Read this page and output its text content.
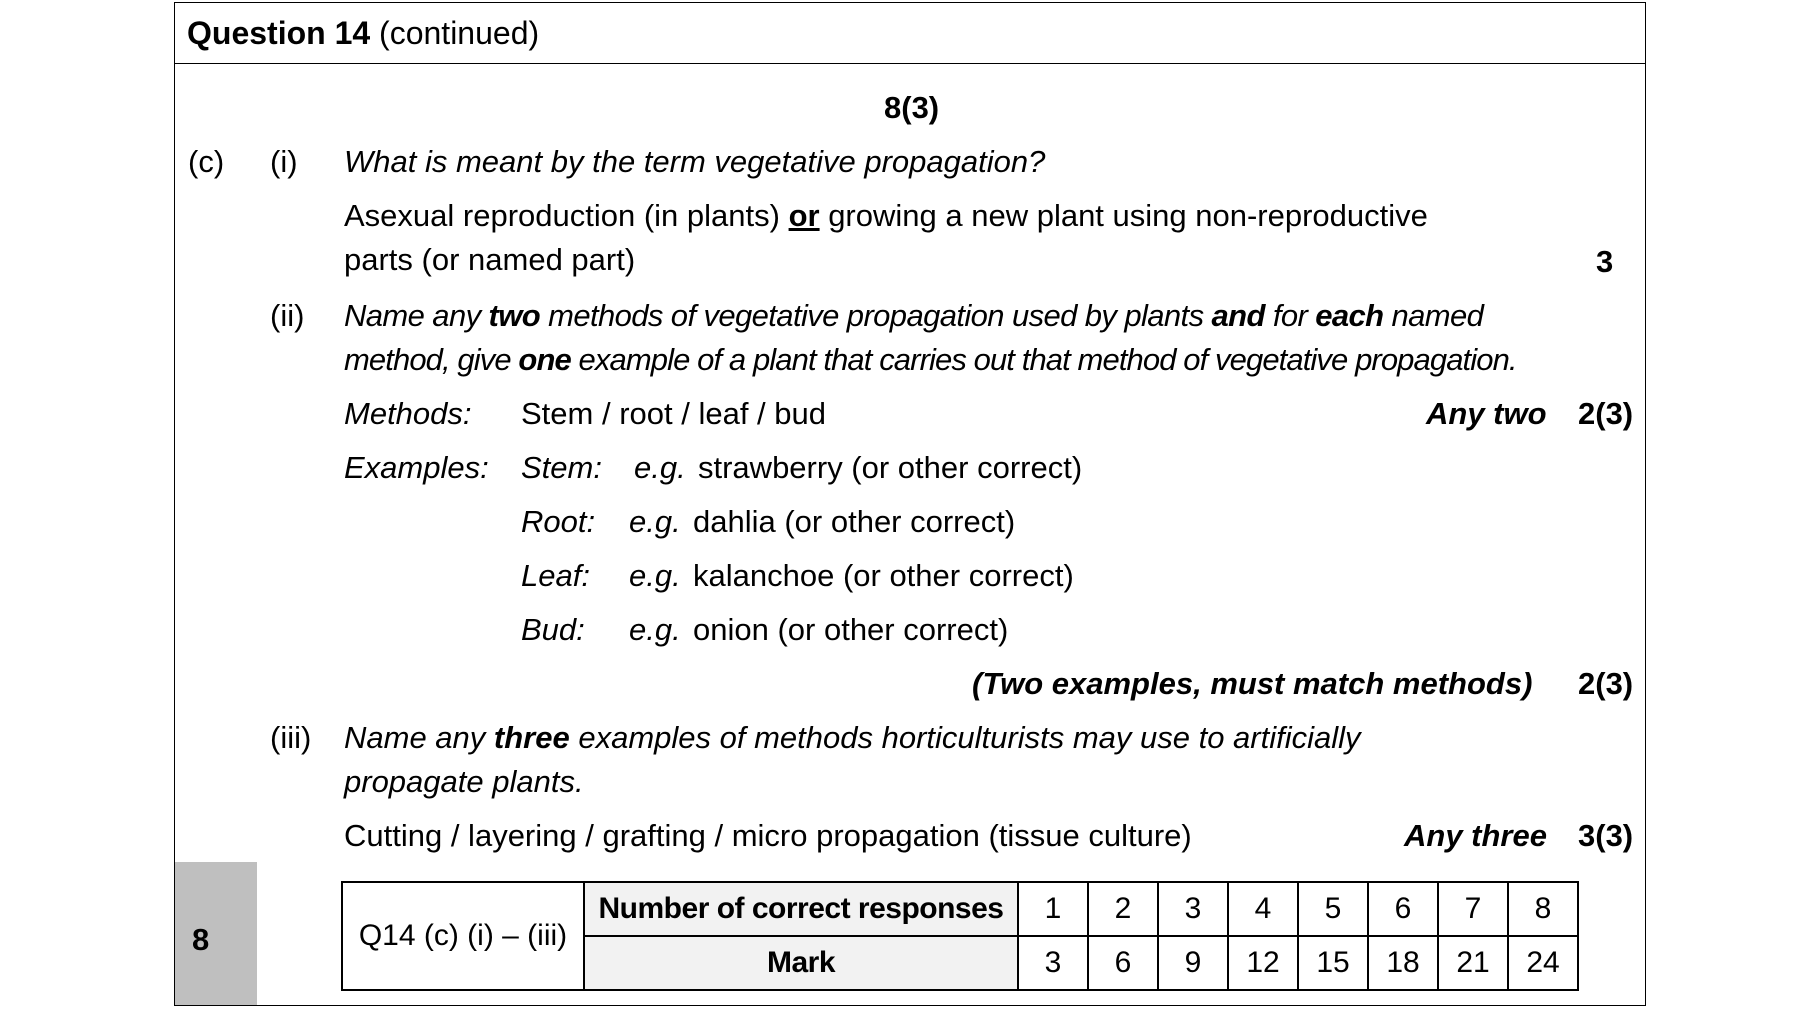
Question 14 (continued)
8(3)
(c) (i) What is meant by the term vegetative propagation?
Asexual reproduction (in plants) or growing a new plant using non-reproductive
parts (or named part)	3
(ii) Name any two methods of vegetative propagation used by plants and for each named
method, give one example of a plant that carries out that method of vegetative propagation.
Methods: Stem / root / leaf / bud	Any two 2(3)
Examples: Stem: e.g. strawberry (or other correct)
Root: e.g. dahlia (or other correct)
Leaf: e.g. kalanchoe (or other correct)
Bud: e.g. onion (or other correct)
(Two examples, must match methods) 2(3)
(iii) Name any three examples of methods horticulturists may use to artificially
propagate plants.
Cutting / layering / grafting / micro propagation (tissue culture)	Any three 3(3)
8	Q14 (c) (i) – (iii)	Number of correct responses	1	2	3	4	5	6	7	8
	Mark	3	6	9	12	15	18	21	24
